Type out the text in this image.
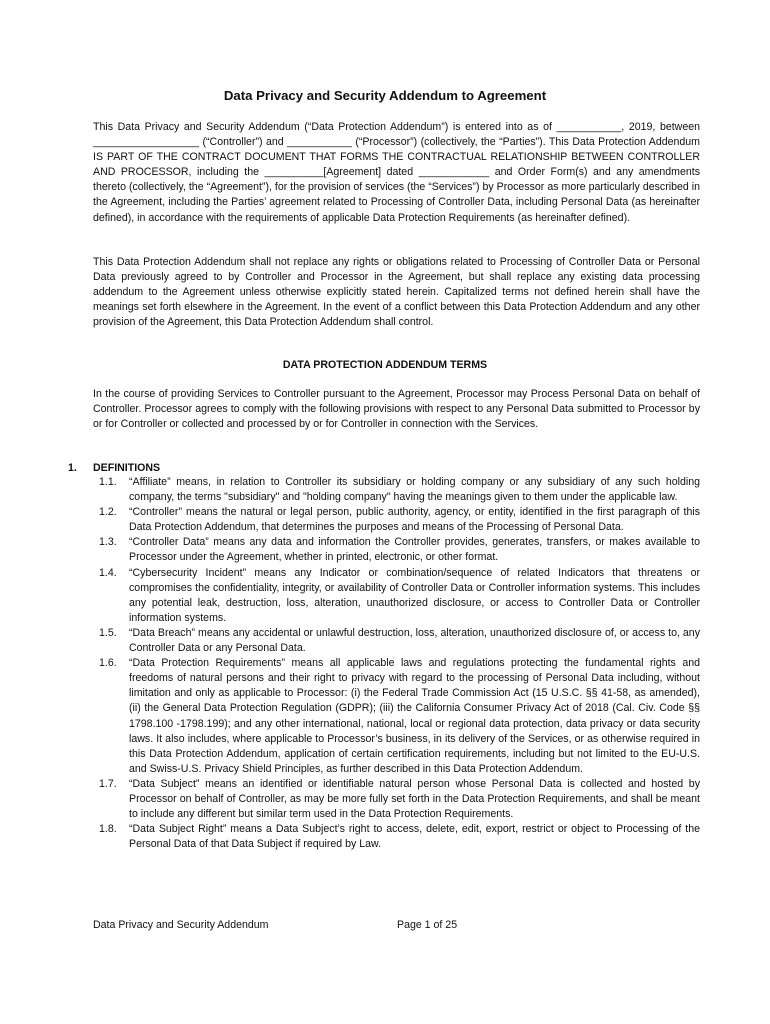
Data Privacy and Security Addendum to Agreement
This Data Privacy and Security Addendum (“Data Protection Addendum”) is entered into as of ___________, 2019, between __________________ (“Controller”) and ___________ (“Processor”) (collectively, the “Parties”). This Data Protection Addendum IS PART OF THE CONTRACT DOCUMENT THAT FORMS THE CONTRACTUAL RELATIONSHIP BETWEEN CONTROLLER AND PROCESSOR, including the __________[Agreement] dated ____________ and Order Form(s) and any amendments thereto (collectively, the “Agreement”), for the provision of services (the “Services”) by Processor as more particularly described in the Agreement, including the Parties’ agreement related to Processing of Controller Data, including Personal Data (as hereinafter defined), in accordance with the requirements of applicable Data Protection Requirements (as hereinafter defined).
This Data Protection Addendum shall not replace any rights or obligations related to Processing of Controller Data or Personal Data previously agreed to by Controller and Processor in the Agreement, but shall replace any existing data processing addendum to the Agreement unless otherwise explicitly stated herein. Capitalized terms not defined herein shall have the meanings set forth elsewhere in the Agreement. In the event of a conflict between this Data Protection Addendum and any other provision of the Agreement, this Data Protection Addendum shall control.
DATA PROTECTION ADDENDUM TERMS
In the course of providing Services to Controller pursuant to the Agreement, Processor may Process Personal Data on behalf of Controller. Processor agrees to comply with the following provisions with respect to any Personal Data submitted to Processor by or for Controller or collected and processed by or for Controller in connection with the Services.
1. DEFINITIONS
1.1. “Affiliate” means, in relation to Controller its subsidiary or holding company or any subsidiary of any such holding company, the terms "subsidiary" and "holding company" having the meanings given to them under the applicable law.
1.2. “Controller” means the natural or legal person, public authority, agency, or entity, identified in the first paragraph of this Data Protection Addendum, that determines the purposes and means of the Processing of Personal Data.
1.3. “Controller Data” means any data and information the Controller provides, generates, transfers, or makes available to Processor under the Agreement, whether in printed, electronic, or other format.
1.4. “Cybersecurity Incident” means any Indicator or combination/sequence of related Indicators that threatens or compromises the confidentiality, integrity, or availability of Controller Data or Controller information systems. This includes any potential leak, destruction, loss, alteration, unauthorized disclosure, or access to Controller Data or Controller information systems.
1.5. “Data Breach” means any accidental or unlawful destruction, loss, alteration, unauthorized disclosure of, or access to, any Controller Data or any Personal Data.
1.6. “Data Protection Requirements” means all applicable laws and regulations protecting the fundamental rights and freedoms of natural persons and their right to privacy with regard to the processing of Personal Data including, without limitation and only as applicable to Processor: (i) the Federal Trade Commission Act (15 U.S.C. §§ 41-58, as amended), (ii) the General Data Protection Regulation (GDPR); (iii) the California Consumer Privacy Act of 2018 (Cal. Civ. Code §§ 1798.100 -1798.199); and any other international, national, local or regional data protection, data privacy or data security laws. It also includes, where applicable to Processor’s business, in its delivery of the Services, or as otherwise required in this Data Protection Addendum, application of certain certification requirements, including but not limited to the EU-U.S. and Swiss-U.S. Privacy Shield Principles, as further described in this Data Protection Addendum.
1.7. “Data Subject” means an identified or identifiable natural person whose Personal Data is collected and hosted by Processor on behalf of Controller, as may be more fully set forth in the Data Protection Requirements, and shall be meant to include any different but similar term used in the Data Protection Requirements.
1.8. “Data Subject Right” means a Data Subject’s right to access, delete, edit, export, restrict or object to Processing of the Personal Data of that Data Subject if required by Law.
Data Privacy and Security Addendum	Page 1 of 25
